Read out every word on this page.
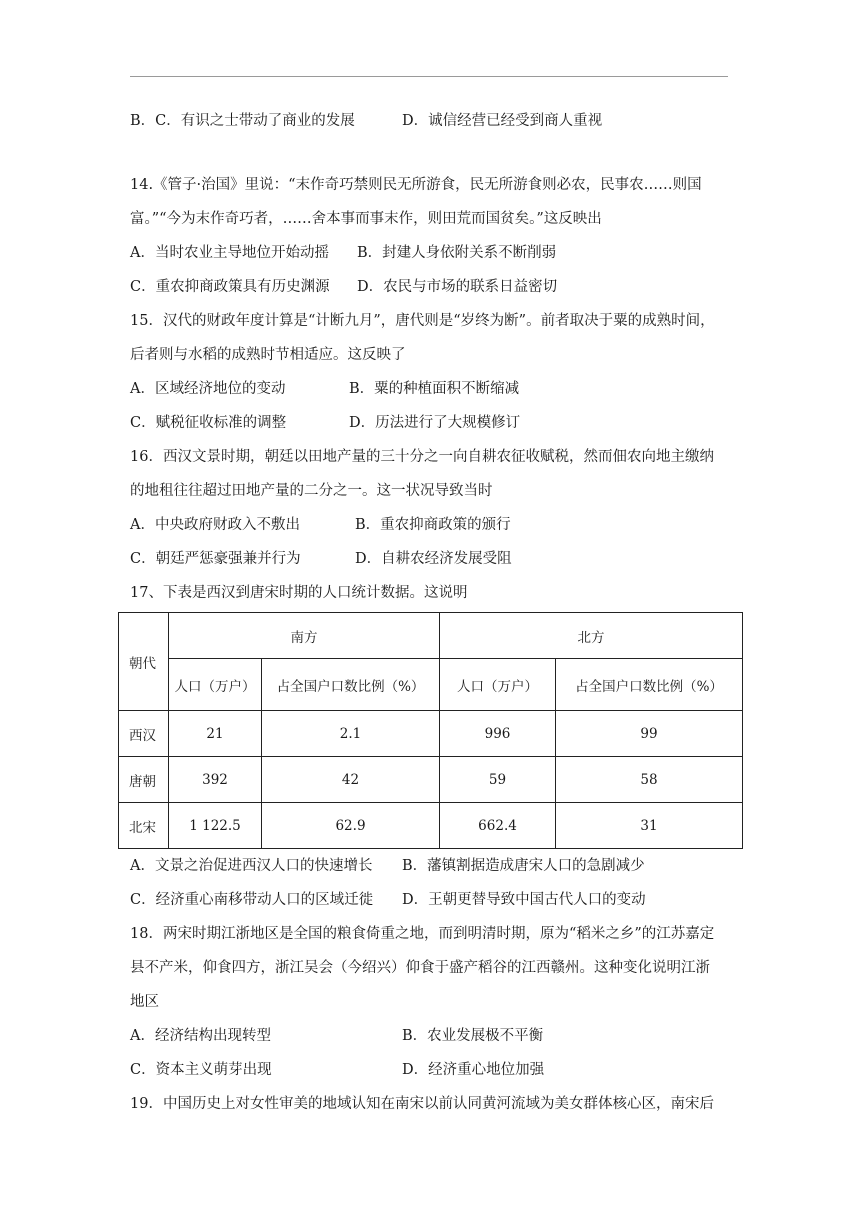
B．C．有识之士带动了商业的发展	D．诚信经营已经受到商人重视
14.《管子·治国》里说：“末作奇巧禁则民无所游食，民无所游食则必农，民事农……则国
富。”“今为末作奇巧者，……舍本事而事末作，则田荒而国贫矣。”这反映出
A．当时农业主导地位开始动摇 B．封建人身依附关系不断削弱
C．重农抑商政策具有历史渊源 D．农民与市场的联系日益密切
15．汉代的财政年度计算是“计断九月”，唐代则是“岁终为断”。前者取决于粟的成熟时间，
后者则与水稻的成熟时节相适应。这反映了
A．区域经济地位的变动	B．粟的种植面积不断缩减
C．赋税征收标准的调整	D．历法进行了大规模修订
16．西汉文景时期，朝廷以田地产量的三十分之一向自耕农征收赋税，然而佃农向地主缴纳
的地租往往超过田地产量的二分之一。这一状况导致当时
A．中央政府财政入不敷出	B．重农抑商政策的颁行
C．朝廷严惩豪强兼并行为	D．自耕农经济发展受阻
17、下表是西汉到唐宋时期的人口统计数据。这说明
朝代	南方		北方	
	人口（万户）	占全国户口数比例（%）	人口（万户）	占全国户口数比例（%）
西汉	21	2.1	996	99
唐朝	392	42	59	58
北宋	1 122.5	62.9	662.4	31
A．文景之治促进西汉人口的快速增长 B．藩镇割据造成唐宋人口的急剧减少
C．经济重心南移带动人口的区域迁徙 D．王朝更替导致中国古代人口的变动
18．两宋时期江浙地区是全国的粮食倚重之地，而到明清时期，原为“稻米之乡”的江苏嘉定
县不产米，仰食四方，浙江吴会（今绍兴）仰食于盛产稻谷的江西赣州。这种变化说明江浙
地区
A．经济结构出现转型	B．农业发展极不平衡
C．资本主义萌芽出现	D．经济重心地位加强
19．中国历史上对女性审美的地域认知在南宋以前认同黄河流域为美女群体核心区，南宋后
